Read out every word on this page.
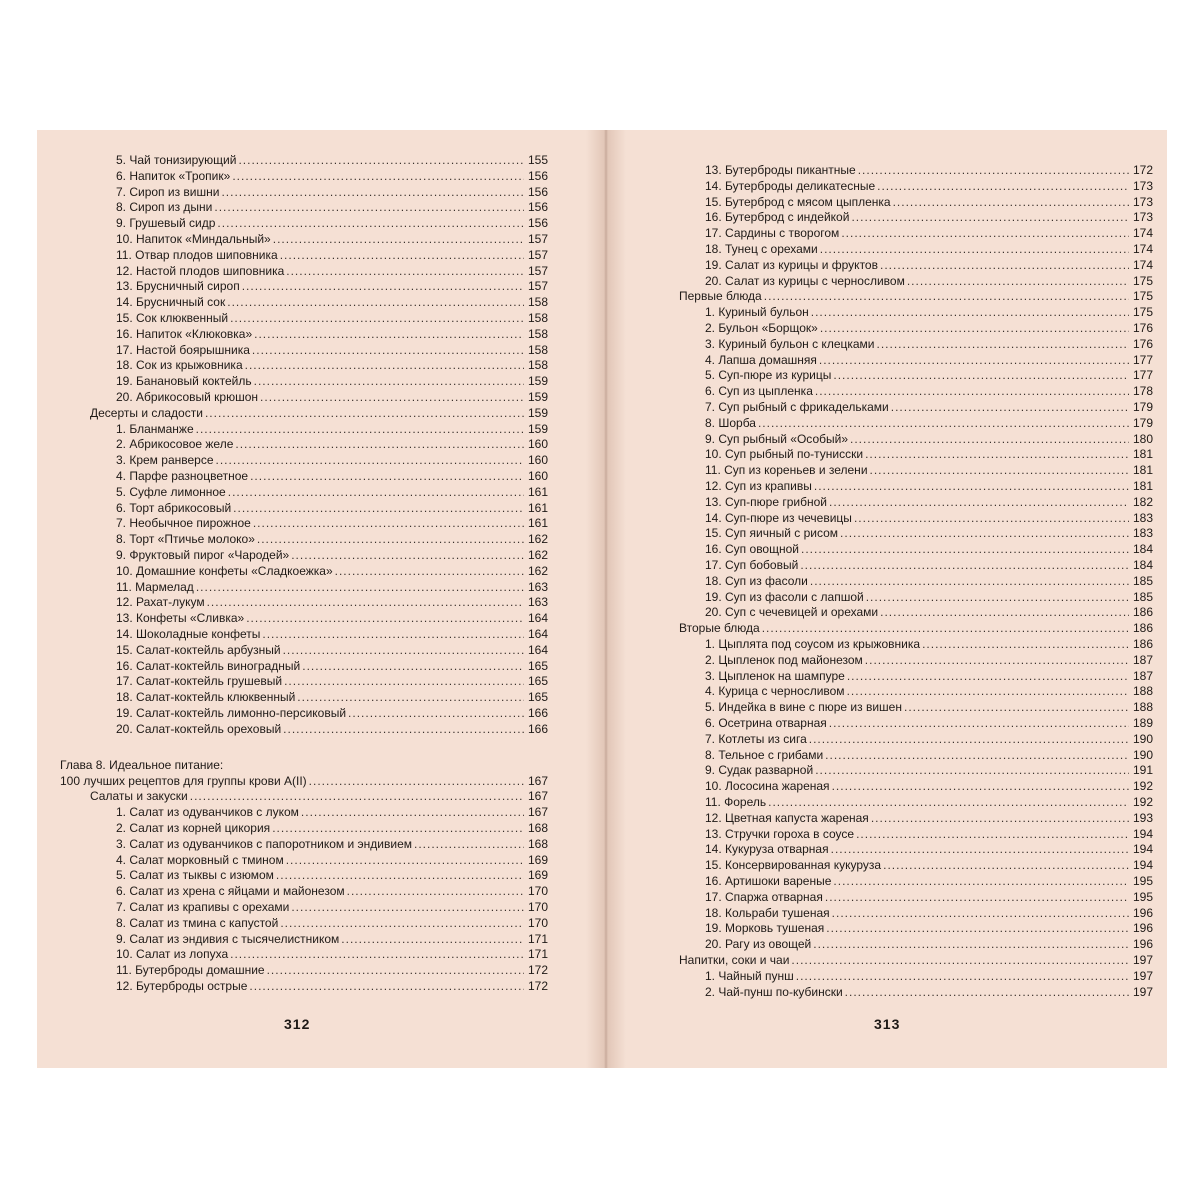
5. Чай тонизирующий .....	155
6. Напиток «Тропик» .....	156
7. Сироп из вишни .....	156
8. Сироп из дыни .....	156
9. Грушевый сидр .....	156
10. Напиток «Миндальный» .....	157
11. Отвар плодов шиповника .....	157
12. Настой плодов шиповника .....	157
13. Брусничный сироп .....	157
14. Брусничный сок .....	158
15. Сок клюквенный .....	158
16. Напиток «Клюковка» .....	158
17. Настой боярышника .....	158
18. Сок из крыжовника .....	158
19. Банановый коктейль .....	159
20. Абрикосовый крюшон .....	159
Десерты и сладости .....	159
1. Бланманже .....	159
2. Абрикосовое желе .....	160
3. Крем ранверсе .....	160
4. Парфе разноцветное .....	160
5. Суфле лимонное .....	161
6. Торт абрикосовый .....	161
7. Необычное пирожное .....	161
8. Торт «Птичье молоко» .....	162
9. Фруктовый пирог «Чародей» .....	162
10. Домашние конфеты «Сладкоежка» .....	162
11. Мармелад .....	163
12. Рахат-лукум .....	163
13. Конфеты «Сливка» .....	164
14. Шоколадные конфеты .....	164
15. Салат-коктейль арбузный .....	164
16. Салат-коктейль виноградный .....	165
17. Салат-коктейль грушевый .....	165
18. Салат-коктейль клюквенный .....	165
19. Салат-коктейль лимонно-персиковый .....	166
20. Салат-коктейль ореховый .....	166
100 лучших рецептов для группы крови А(II) .....	167
Салаты и закуски .....	167
1. Салат из одуванчиков с луком .....	167
2. Салат из корней цикория .....	168
3. Салат из одуванчиков с папоротником и эндивием .....	168
4. Салат морковный с тмином .....	169
5. Салат из тыквы с изюмом .....	169
6. Салат из хрена с яйцами и майонезом .....	170
7. Салат из крапивы с орехами .....	170
8. Салат из тмина с капустой .....	170
9. Салат из эндивия с тысячелистником .....	171
10. Салат из лопуха .....	171
11. Бутерброды домашние .....	172
12. Бутерброды острые .....	172
Глава 8. Идеальное питание:
312
13. Бутерброды пикантные .....	172
14. Бутерброды деликатесные .....	173
15. Бутерброд с мясом цыпленка .....	173
16. Бутерброд с индейкой .....	173
17. Сардины с творогом .....	174
18. Тунец с орехами .....	174
19. Салат из курицы и фруктов .....	174
20. Салат из курицы с черносливом .....	175
Первые блюда .....	175
1. Куриный бульон .....	175
2. Бульон «Борщок» .....	176
3. Куриный бульон с клецками .....	176
4. Лапша домашняя .....	177
5. Суп-пюре из курицы .....	177
6. Суп из цыпленка .....	178
7. Суп рыбный с фрикадельками .....	179
8. Шорба .....	179
9. Суп рыбный «Особый» .....	180
10. Суп рыбный по-тунисски .....	181
11. Суп из кореньев и зелени .....	181
12. Суп из крапивы .....	181
13. Суп-пюре грибной .....	182
14. Суп-пюре из чечевицы .....	183
15. Суп яичный с рисом .....	183
16. Суп овощной .....	184
17. Суп бобовый .....	184
18. Суп из фасоли .....	185
19. Суп из фасоли с лапшой .....	185
20. Суп с чечевицей и орехами .....	186
Вторые блюда .....	186
1. Цыплята под соусом из крыжовника .....	186
2. Цыпленок под майонезом .....	187
3. Цыпленок на шампуре .....	187
4. Курица с черносливом .....	188
5. Индейка в вине с пюре из вишен .....	188
6. Осетрина отварная .....	189
7. Котлеты из сига .....	190
8. Тельное с грибами .....	190
9. Судак разварной .....	191
10. Лососина жареная .....	192
11. Форель .....	192
12. Цветная капуста жареная .....	193
13. Стручки гороха в соусе .....	194
14. Кукуруза отварная .....	194
15. Консервированная кукуруза .....	194
16. Артишоки вареные .....	195
17. Спаржа отварная .....	195
18. Кольраби тушеная .....	196
19. Морковь тушеная .....	196
20. Рагу из овощей .....	196
Напитки, соки и чаи .....	197
1. Чайный пунш .....	197
2. Чай-пунш по-кубински .....	197
313
